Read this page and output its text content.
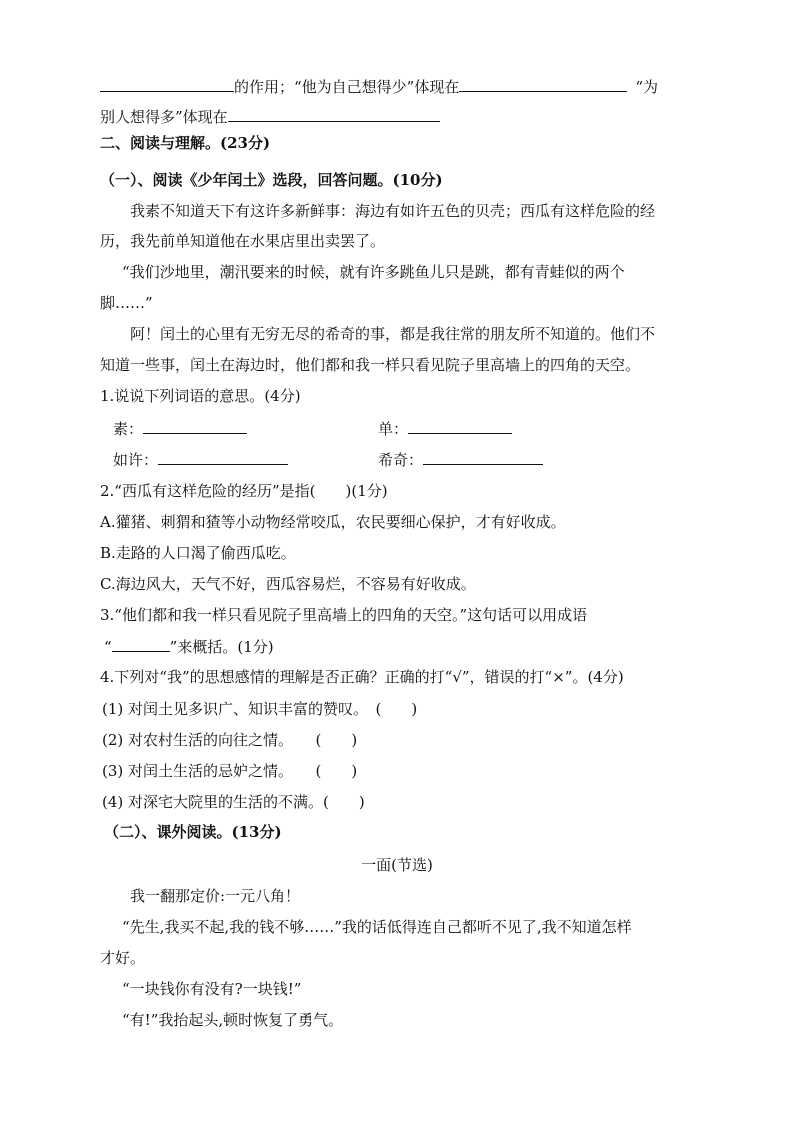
的作用；“他为自己想得少”体现在	“为
别人想得多”体现在
二、阅读与理解。(23分)
（一）、阅读《少年闰土》选段，回答问题。(10分)
我素不知道天下有这许多新鲜事：海边有如许五色的贝壳；西瓜有这样危险的经
历，我先前单知道他在水果店里出卖罢了。
“我们沙地里，潮汛要来的时候，就有许多跳鱼儿只是跳，都有青蛙似的两个
脚……”
阿！闰土的心里有无穷无尽的希奇的事，都是我往常的朋友所不知道的。他们不
知道一些事，闰土在海边时，他们都和我一样只看见院子里高墙上的四角的天空。
1.说说下列词语的意思。(4分)
素：	单：
如许：	希奇：
2.“西瓜有这样危险的经历”是指(　　)(1分)
A.獾猪、刺猬和猹等小动物经常咬瓜，农民要细心保护，才有好收成。
B.走路的人口渴了偷西瓜吃。
C.海边风大，天气不好，西瓜容易烂，不容易有好收成。
3.“他们都和我一样只看见院子里高墙上的四角的天空。”这句话可以用成语
“	”来概括。(1分)
4.下列对“我”的思想感情的理解是否正确？正确的打“√”，错误的打“×”。(4分)
(1) 对闰土见多识广、知识丰富的赞叹。　(　　)
(2) 对农村生活的向往之情。　　(　　)
(3) 对闰土生活的忌妒之情。　　(　　)
(4) 对深宅大院里的生活的不满。(　　)
（二）、课外阅读。(13分)
一面(节选)
我一翻那定价:一元八角！
“先生,我买不起,我的钱不够……”我的话低得连自己都听不见了,我不知道怎样
才好。
“一块钱你有没有?一块钱!”
“有!”我抬起头,顿时恢复了勇气。
